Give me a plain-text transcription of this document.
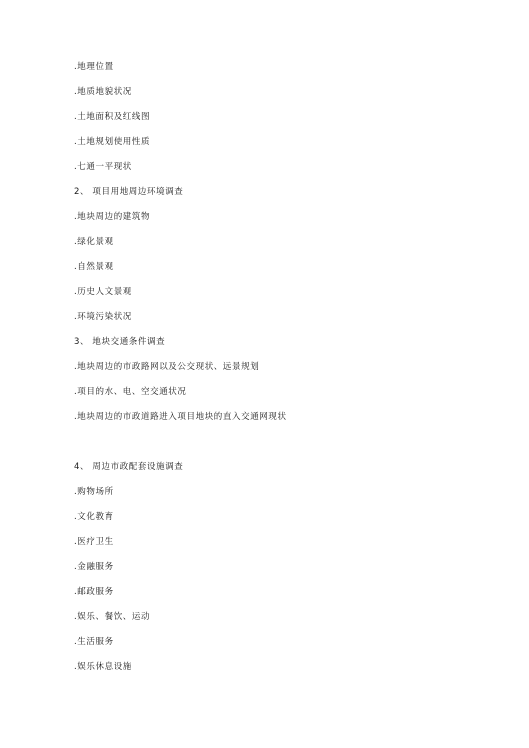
.地理位置
.地质地貌状况
.土地面积及红线图
.土地规划使用性质
.七通一平现状
2、 项目用地周边环境调查
.地块周边的建筑物
.绿化景观
.自然景观
.历史人文景观
.环境污染状况
3、 地块交通条件调查
.地块周边的市政路网以及公交现状、远景规划
.项目的水、电、空交通状况
.地块周边的市政道路进入项目地块的直入交通网现状
4、 周边市政配套设施调查
.购物场所
.文化教育
.医疗卫生
.金融服务
.邮政服务
.娱乐、餐饮、运动
.生活服务
.娱乐休息设施
